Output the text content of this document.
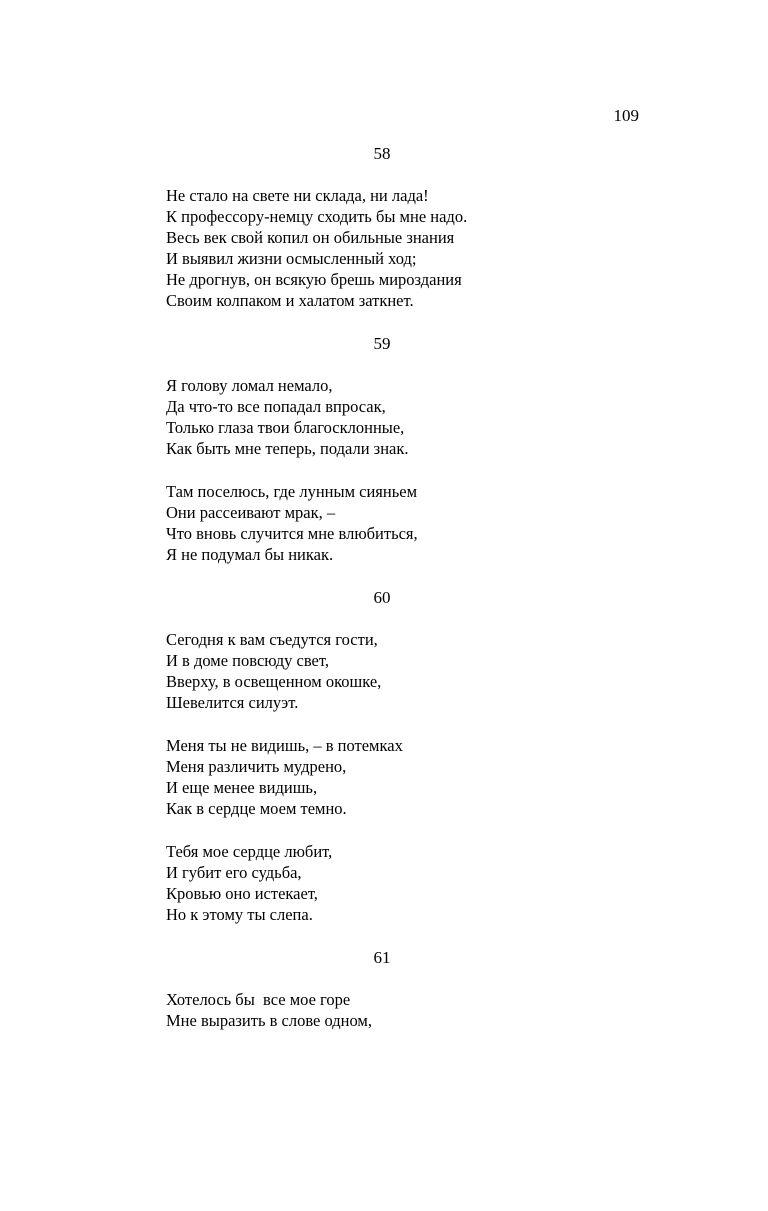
109
58
Не стало на свете ни склада, ни лада!
К профессору-немцу сходить бы мне надо.
Весь век свой копил он обильные знания
И выявил жизни осмысленный ход;
Не дрогнув, он всякую брешь мироздания
Своим колпаком и халатом заткнет.
59
Я голову ломал немало,
Да что-то все попадал впросак,
Только глаза твои благосклонные,
Как быть мне теперь, подали знак.
Там поселюсь, где лунным сияньем
Они рассеивают мрак, –
Что вновь случится мне влюбиться,
Я не подумал бы никак.
60
Сегодня к вам съедутся гости,
И в доме повсюду свет,
Вверху, в освещенном окошке,
Шевелится силуэт.
Меня ты не видишь, – в потемках
Меня различить мудрено,
И еще менее видишь,
Как в сердце моем темно.
Тебя мое сердце любит,
И губит его судьба,
Кровью оно истекает,
Но к этому ты слепа.
61
Хотелось бы  все мое горе
Мне выразить в слове одном,
